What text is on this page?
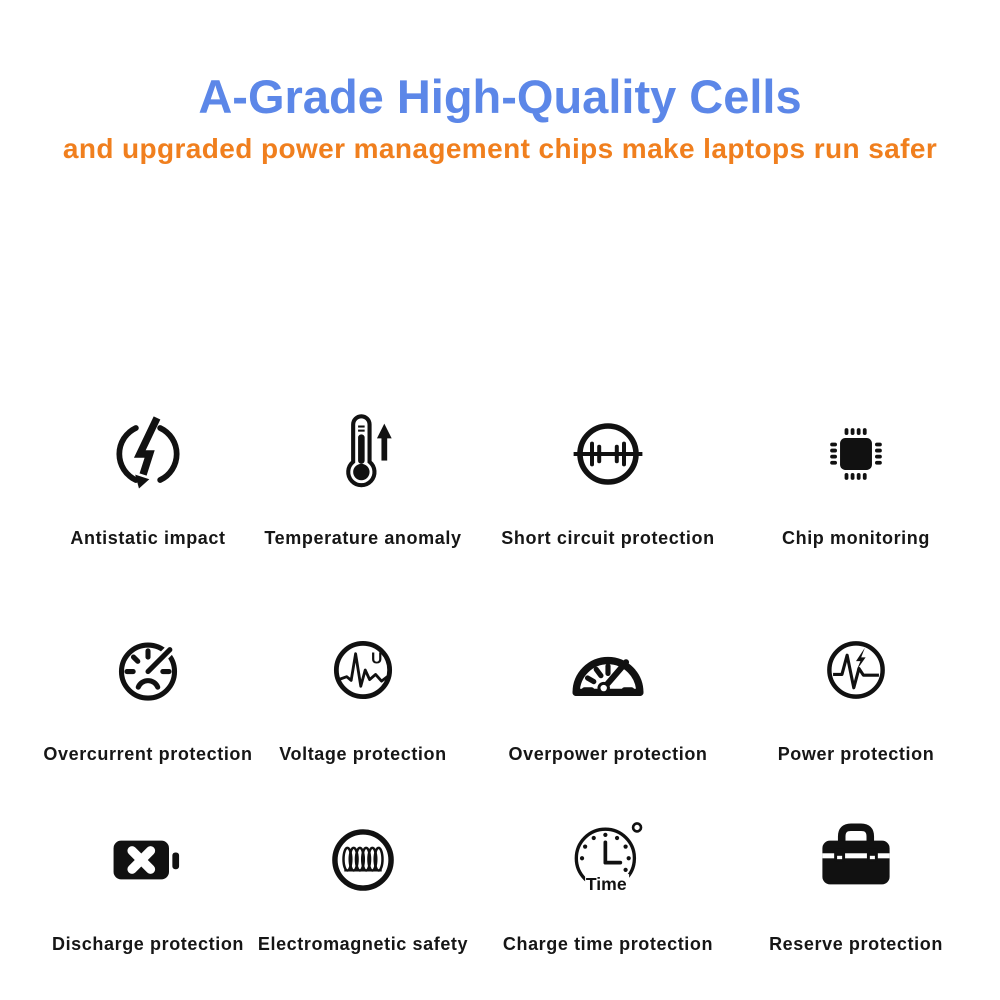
A-Grade High-Quality Cells
and upgraded power management chips make laptops run safer
Antistatic impact Temperature anomaly Short circuit protection	Chip monitoring
Overcurrent protection
U
Voltage protection	Overpower protection	Power protection
Discharge protection Electromagnetic safety
Time
Charge time protection	Reserve protection
